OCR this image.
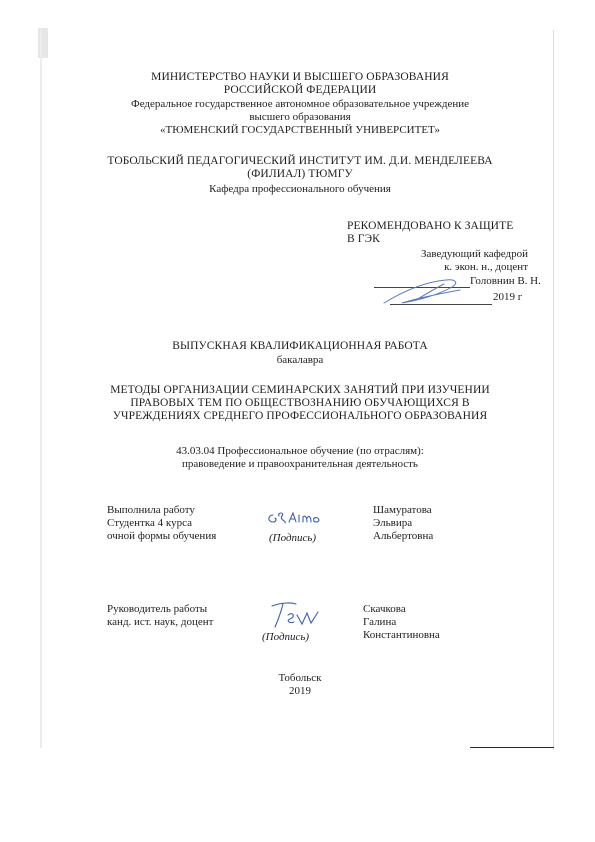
МИНИСТЕРСТВО НАУКИ И ВЫСШЕГО ОБРАЗОВАНИЯ
РОССИЙСКОЙ ФЕДЕРАЦИИ
Федеральное государственное автономное образовательное учреждение
высшего образования
«ТЮМЕНСКИЙ ГОСУДАРСТВЕННЫЙ УНИВЕРСИТЕТ»
ТОБОЛЬСКИЙ ПЕДАГОГИЧЕСКИЙ ИНСТИТУТ ИМ. Д.И. МЕНДЕЛЕЕВА
(ФИЛИАЛ) ТЮМГУ
Кафедра профессионального обучения
РЕКОМЕНДОВАНО К ЗАЩИТЕ
В ГЭК
Заведующий кафедрой
к. экон. н., доцент
Головнин В. Н.
2019 г
ВЫПУСКНАЯ КВАЛИФИКАЦИОННАЯ РАБОТА
бакалавра
МЕТОДЫ ОРГАНИЗАЦИИ СЕМИНАРСКИХ ЗАНЯТИЙ ПРИ ИЗУЧЕНИИ
ПРАВОВЫХ ТЕМ ПО ОБЩЕСТВОЗНАНИЮ ОБУЧАЮЩИХСЯ В
УЧРЕЖДЕНИЯХ СРЕДНЕГО ПРОФЕССИОНАЛЬНОГО ОБРАЗОВАНИЯ
43.03.04 Профессиональное обучение (по отраслям):
правоведение и правоохранительная деятельность
Выполнила работу
Студентка 4 курса
очной формы обучения	(Подпись)
Шамуратова
Эльвира
Альбертовна
Руководитель работы
канд. ист. наук, доцент
(Подпись)
Скачкова
Галина
Константиновна
Тобольск
2019
